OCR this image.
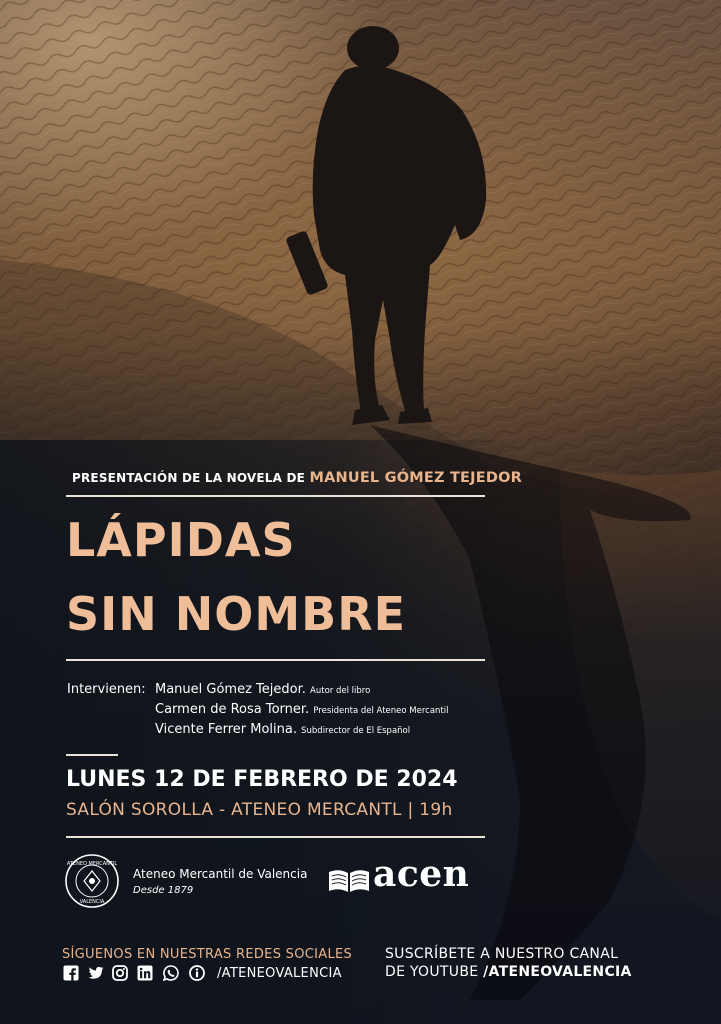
PRESENTACIÓN DE LA NOVELA DE MANUEL GÓMEZ TEJEDOR
LÁPIDAS
SIN NOMBRE
Intervienen: Manuel Gómez Tejedor. Autor del libro
Carmen de Rosa Torner. Presidenta del Ateneo Mercantil
Vicente Ferrer Molina. Subdirector de El Español
LUNES 12 DE FEBRERO DE 2024
SALÓN SOROLLA - ATENEO MERCANTL | 19h
ATENEO MERCANTIL
VALENCIA
Ateneo Mercantil de Valencia
Desde 1879	acen
SÍGUENOS EN NUESTRAS REDES SOCIALES
/ATENEOVALENCIA
SUSCRÍBETE A NUESTRO CANAL
DE YOUTUBE /ATENEOVALENCIA
